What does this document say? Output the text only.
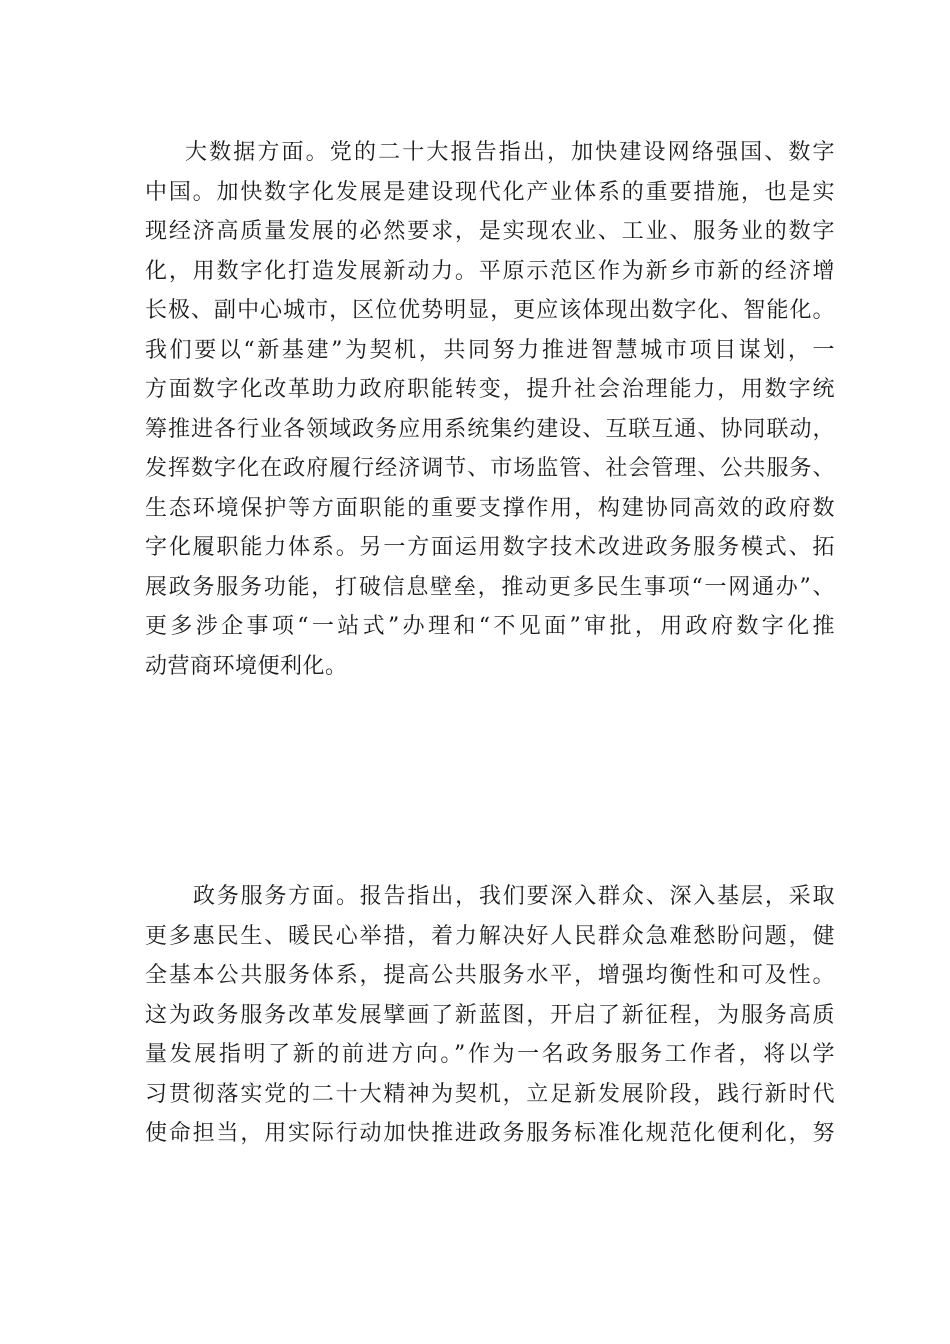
大数据方面。党的二十大报告指出，加快建设网络强国、数字
中国。加快数字化发展是建设现代化产业体系的重要措施，也是实
现经济高质量发展的必然要求，是实现农业、工业、服务业的数字
化，用数字化打造发展新动力。平原示范区作为新乡市新的经济增
长极、副中心城市，区位优势明显，更应该体现出数字化、智能化。
我们要以“新基建”为契机，共同努力推进智慧城市项目谋划，一
方面数字化改革助力政府职能转变，提升社会治理能力，用数字统
筹推进各行业各领域政务应用系统集约建设、互联互通、协同联动，
发挥数字化在政府履行经济调节、市场监管、社会管理、公共服务、
生态环境保护等方面职能的重要支撑作用，构建协同高效的政府数
字化履职能力体系。另一方面运用数字技术改进政务服务模式、拓
展政务服务功能，打破信息壁垒，推动更多民生事项“一网通办”、
更多涉企事项“一站式”办理和“不见面”审批，用政府数字化推
动营商环境便利化。
政务服务方面。报告指出，我们要深入群众、深入基层，采取
更多惠民生、暖民心举措，着力解决好人民群众急难愁盼问题，健
全基本公共服务体系，提高公共服务水平，增强均衡性和可及性。
这为政务服务改革发展擘画了新蓝图，开启了新征程，为服务高质
量发展指明了新的前进方向。”作为一名政务服务工作者，将以学
习贯彻落实党的二十大精神为契机，立足新发展阶段，践行新时代
使命担当，用实际行动加快推进政务服务标准化规范化便利化，努
